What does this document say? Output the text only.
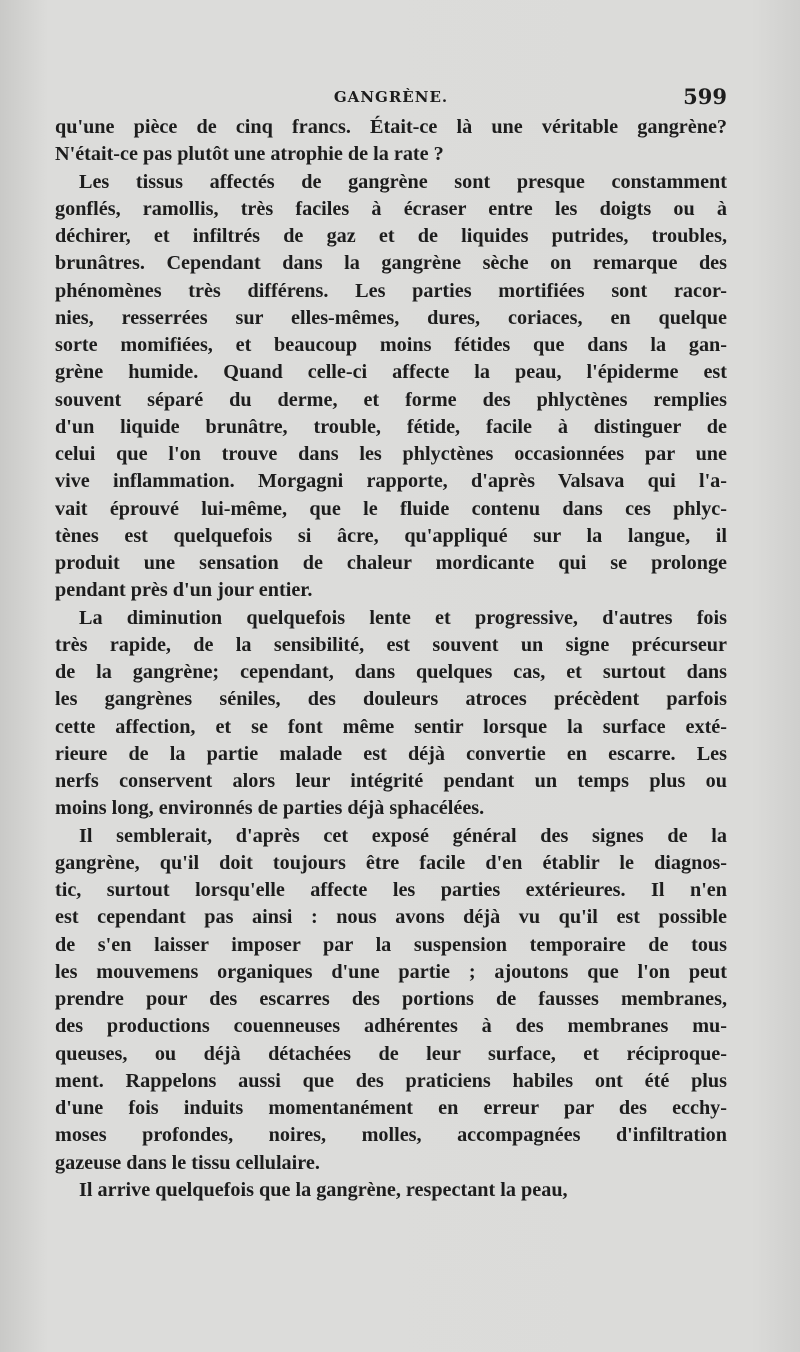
GANGRÈNE.	599
qu'une pièce de cinq francs. Était-ce là une véritable gangrène?
N'était-ce pas plutôt une atrophie de la rate ?
Les tissus affectés de gangrène sont presque constamment
gonflés, ramollis, très faciles à écraser entre les doigts ou à
déchirer, et infiltrés de gaz et de liquides putrides, troubles,
brunâtres. Cependant dans la gangrène sèche on remarque des
phénomènes très différens. Les parties mortifiées sont racor-
nies, resserrées sur elles-mêmes, dures, coriaces, en quelque
sorte momifiées, et beaucoup moins fétides que dans la gan-
grène humide. Quand celle-ci affecte la peau, l'épiderme est
souvent séparé du derme, et forme des phlyctènes remplies
d'un liquide brunâtre, trouble, fétide, facile à distinguer de
celui que l'on trouve dans les phlyctènes occasionnées par une
vive inflammation. Morgagni rapporte, d'après Valsava qui l'a-
vait éprouvé lui-même, que le fluide contenu dans ces phlyc-
tènes est quelquefois si âcre, qu'appliqué sur la langue, il
produit une sensation de chaleur mordicante qui se prolonge
pendant près d'un jour entier.
La diminution quelquefois lente et progressive, d'autres fois
très rapide, de la sensibilité, est souvent un signe précurseur
de la gangrène; cependant, dans quelques cas, et surtout dans
les gangrènes séniles, des douleurs atroces précèdent parfois
cette affection, et se font même sentir lorsque la surface exté-
rieure de la partie malade est déjà convertie en escarre. Les
nerfs conservent alors leur intégrité pendant un temps plus ou
moins long, environnés de parties déjà sphacélées.
Il semblerait, d'après cet exposé général des signes de la
gangrène, qu'il doit toujours être facile d'en établir le diagnos-
tic, surtout lorsqu'elle affecte les parties extérieures. Il n'en
est cependant pas ainsi : nous avons déjà vu qu'il est possible
de s'en laisser imposer par la suspension temporaire de tous
les mouvemens organiques d'une partie ; ajoutons que l'on peut
prendre pour des escarres des portions de fausses membranes,
des productions couenneuses adhérentes à des membranes mu-
queuses, ou déjà détachées de leur surface, et réciproque-
ment. Rappelons aussi que des praticiens habiles ont été plus
d'une fois induits momentanément en erreur par des ecchy-
moses profondes, noires, molles, accompagnées d'infiltration
gazeuse dans le tissu cellulaire.
Il arrive quelquefois que la gangrène, respectant la peau,
